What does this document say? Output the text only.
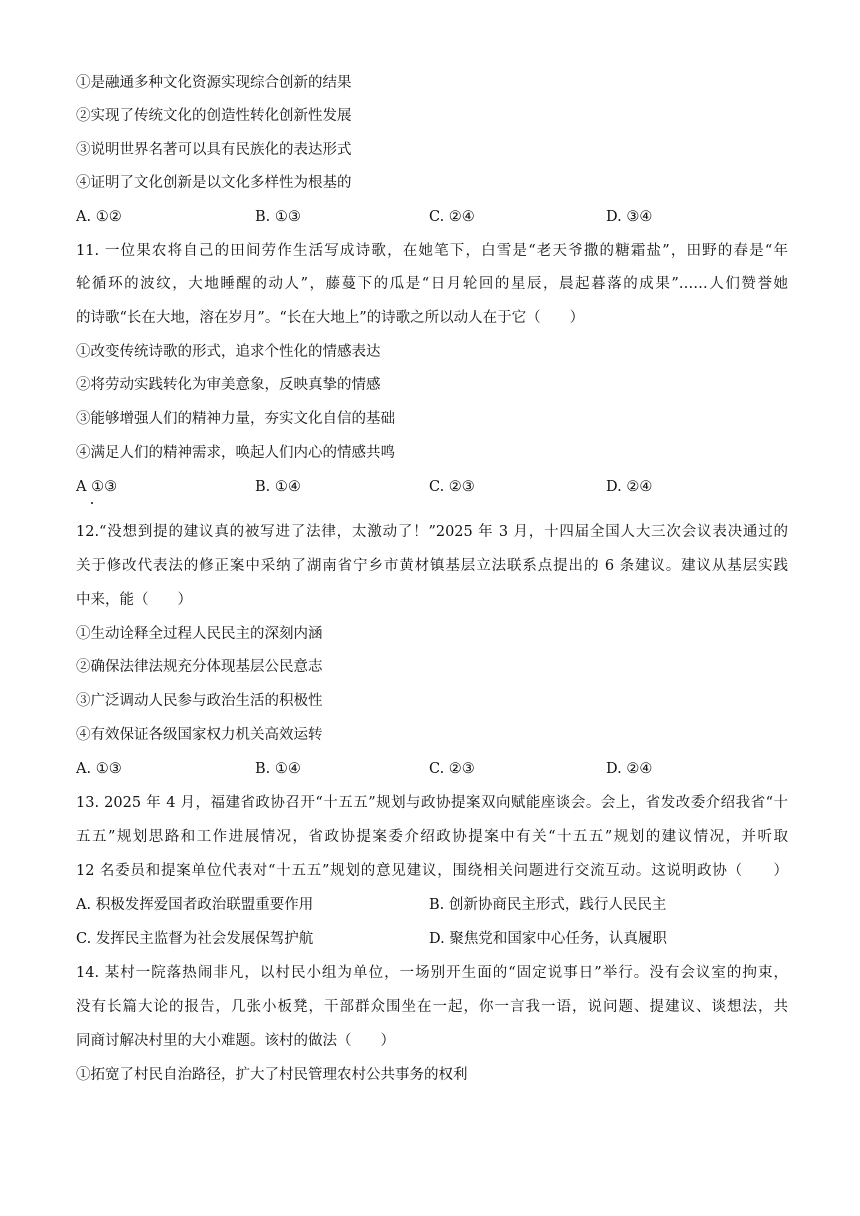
①是融通多种文化资源实现综合创新的结果
②实现了传统文化的创造性转化创新性发展
③说明世界名著可以具有民族化的表达形式
④证明了文化创新是以文化多样性为根基的
A. ①②	B. ①③	C. ②④	D. ③④
11. 一位果农将自己的田间劳作生活写成诗歌，在她笔下，白雪是“老天爷撒的糖霜盐”，田野的春是“年
轮循环的波纹，大地睡醒的动人”，藤蔓下的瓜是“日月轮回的星辰，晨起暮落的成果”……人们赞誉她
的诗歌“长在大地，溶在岁月”。“长在大地上”的诗歌之所以动人在于它（　　）
①改变传统诗歌的形式，追求个性化的情感表达
②将劳动实践转化为审美意象，反映真挚的情感
③能够增强人们的精神力量，夯实文化自信的基础
④满足人们的精神需求，唤起人们内心的情感共鸣
A ①③	B. ①④	C. ②③	D. ②④
12.“没想到提的建议真的被写进了法律，太激动了！”2025 年 3 月，十四届全国人大三次会议表决通过的
关于修改代表法的修正案中采纳了湖南省宁乡市黄材镇基层立法联系点提出的 6 条建议。建议从基层实践
中来，能（　　）
①生动诠释全过程人民民主的深刻内涵
②确保法律法规充分体现基层公民意志
③广泛调动人民参与政治生活的积极性
④有效保证各级国家权力机关高效运转
A. ①③	B. ①④	C. ②③	D. ②④
13. 2025 年 4 月，福建省政协召开“十五五”规划与政协提案双向赋能座谈会。会上，省发改委介绍我省“十
五五”规划思路和工作进展情况，省政协提案委介绍政协提案中有关“十五五”规划的建议情况，并听取
12 名委员和提案单位代表对“十五五”规划的意见建议，围绕相关问题进行交流互动。这说明政协（　　）
A. 积极发挥爱国者政治联盟重要作用	B. 创新协商民主形式，践行人民民主
C. 发挥民主监督为社会发展保驾护航	D. 聚焦党和国家中心任务，认真履职
14. 某村一院落热闹非凡，以村民小组为单位，一场别开生面的“固定说事日”举行。没有会议室的拘束，
没有长篇大论的报告，几张小板凳，干部群众围坐在一起，你一言我一语，说问题、提建议、谈想法，共
同商讨解决村里的大小难题。该村的做法（　　）
①拓宽了村民自治路径，扩大了村民管理农村公共事务的权利
